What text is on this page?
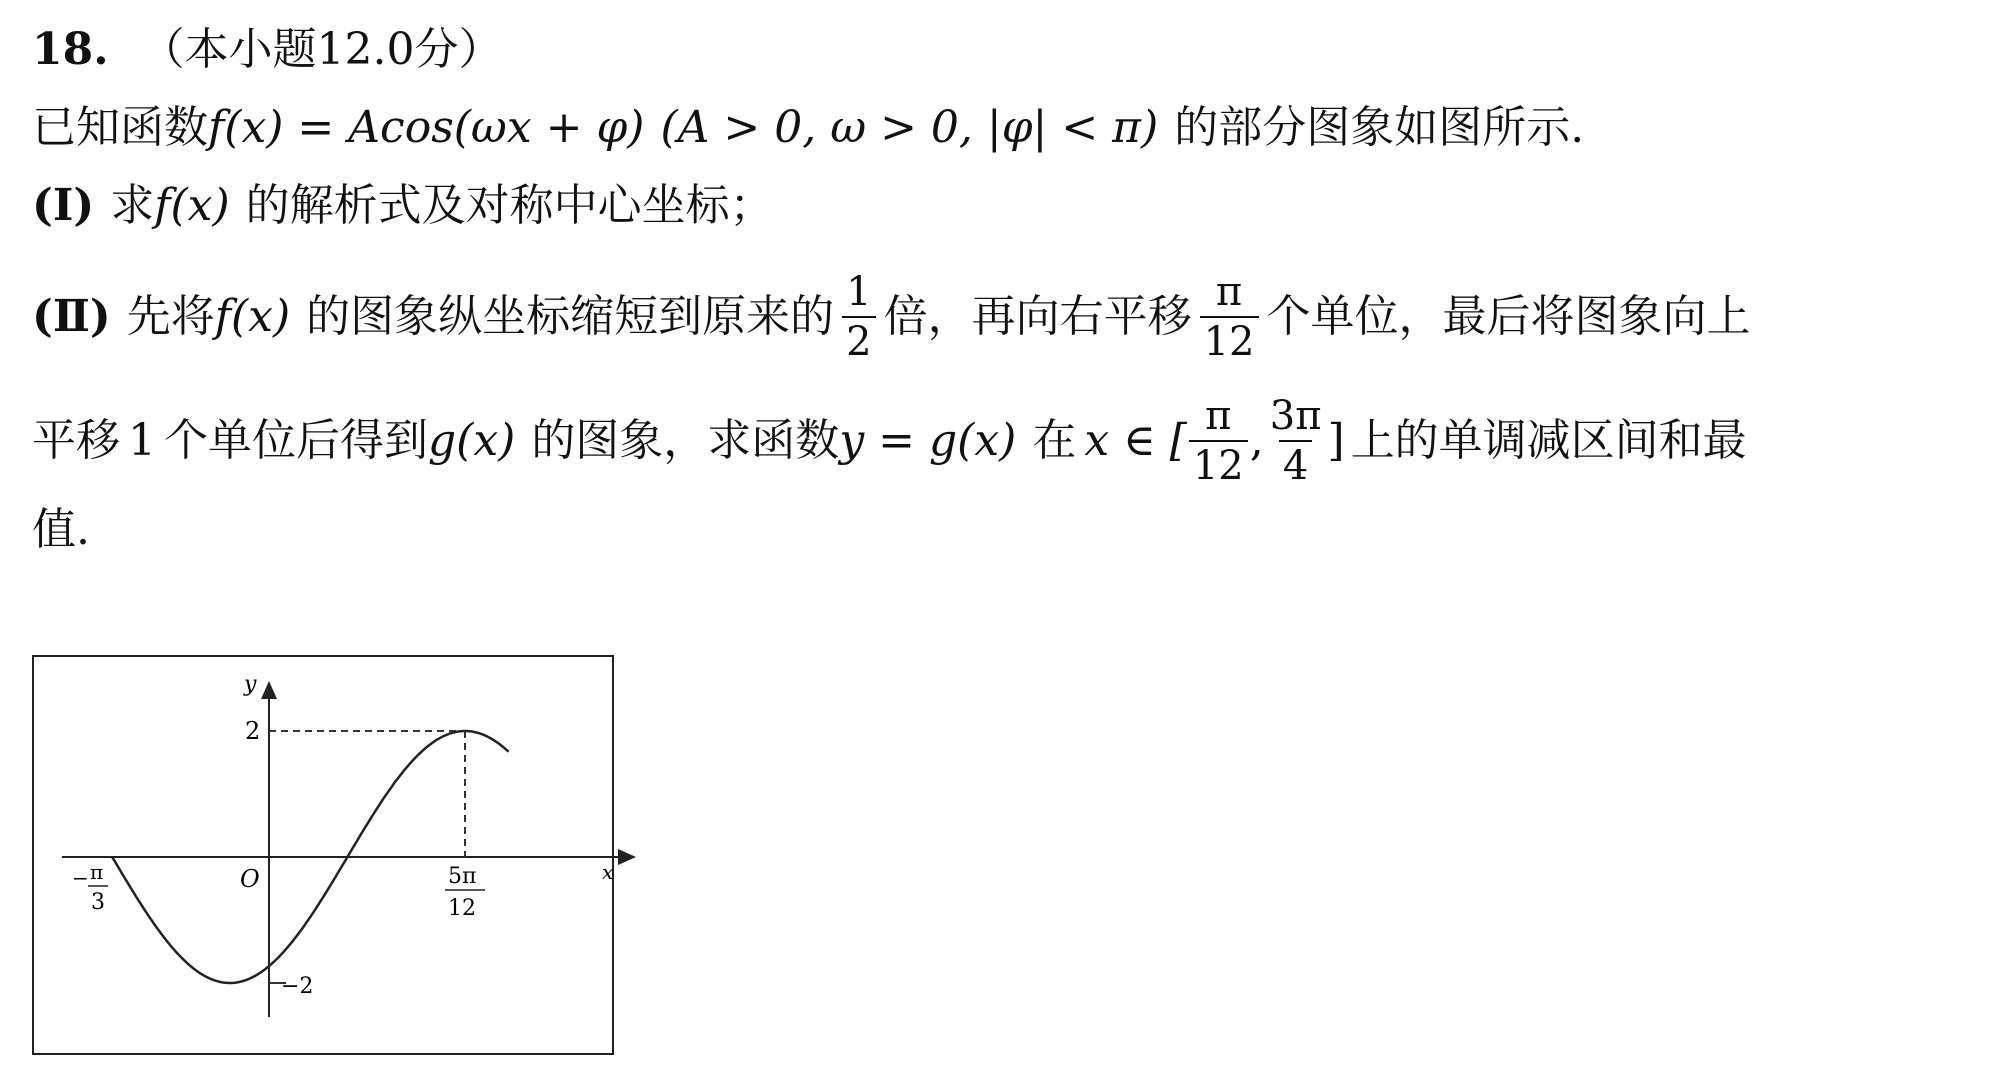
18. （本小题12.0分）
已知函数 f(x) = Acos(ωx + φ) (A > 0, ω > 0, |φ| < π) 的部分图象如图所示.
(Ⅰ) 求 f(x) 的解析式及对称中心坐标；
(Ⅱ) 先将 f(x) 的图象纵坐标缩短到原来的 $\frac{1}{2}$ 倍，再向右平移 $\frac{\pi}{12}$ 个单位，最后将图象向上
平移 1 个单位后得到 g(x) 的图象，求函数 y = g(x) 在 x ∈ [ $\frac{\pi}{12}$ , $\frac{3\pi}{4}$ ] 上的单调减区间和最
值.
y
x
O
2
−2
− π
3
5π
12
